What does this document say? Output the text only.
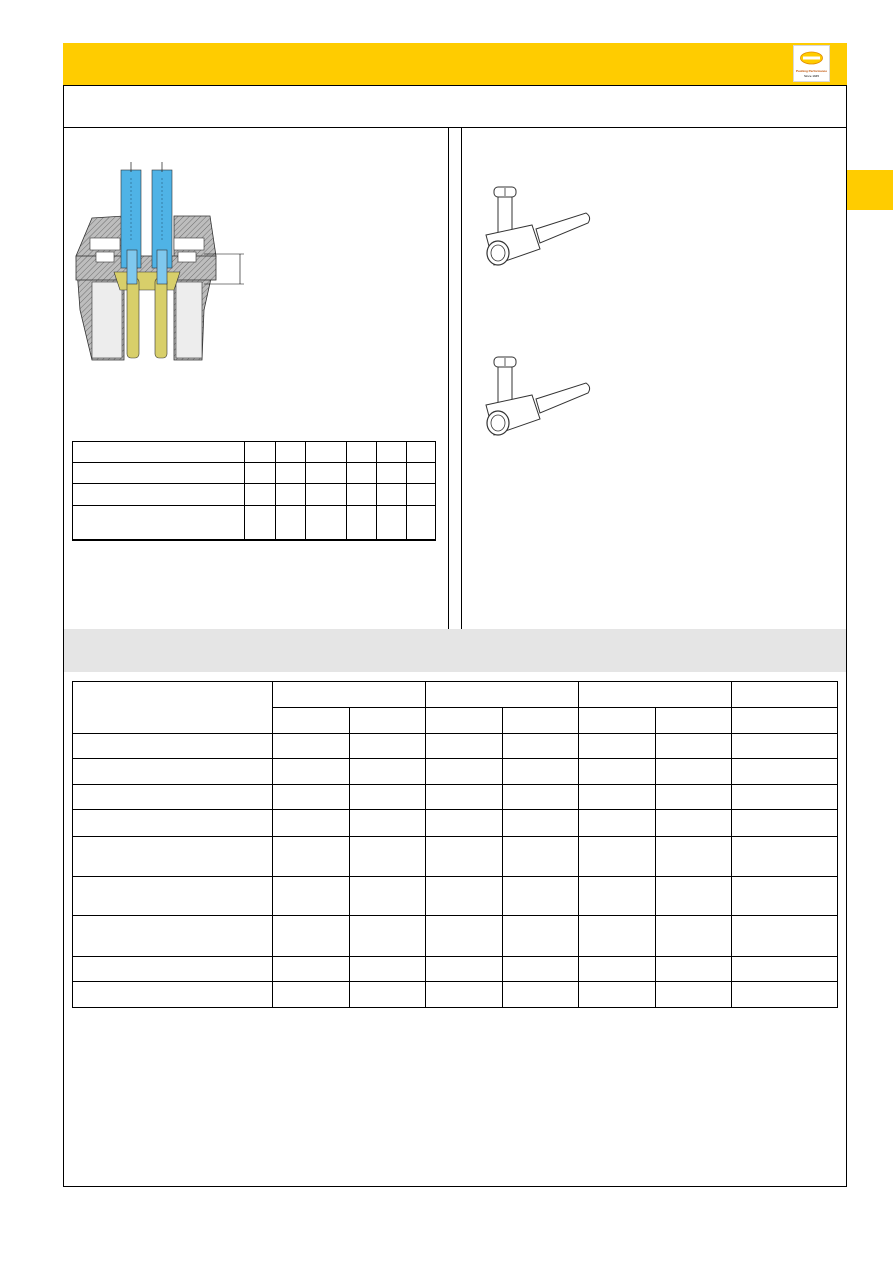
Pushing Performance
Since 1945
